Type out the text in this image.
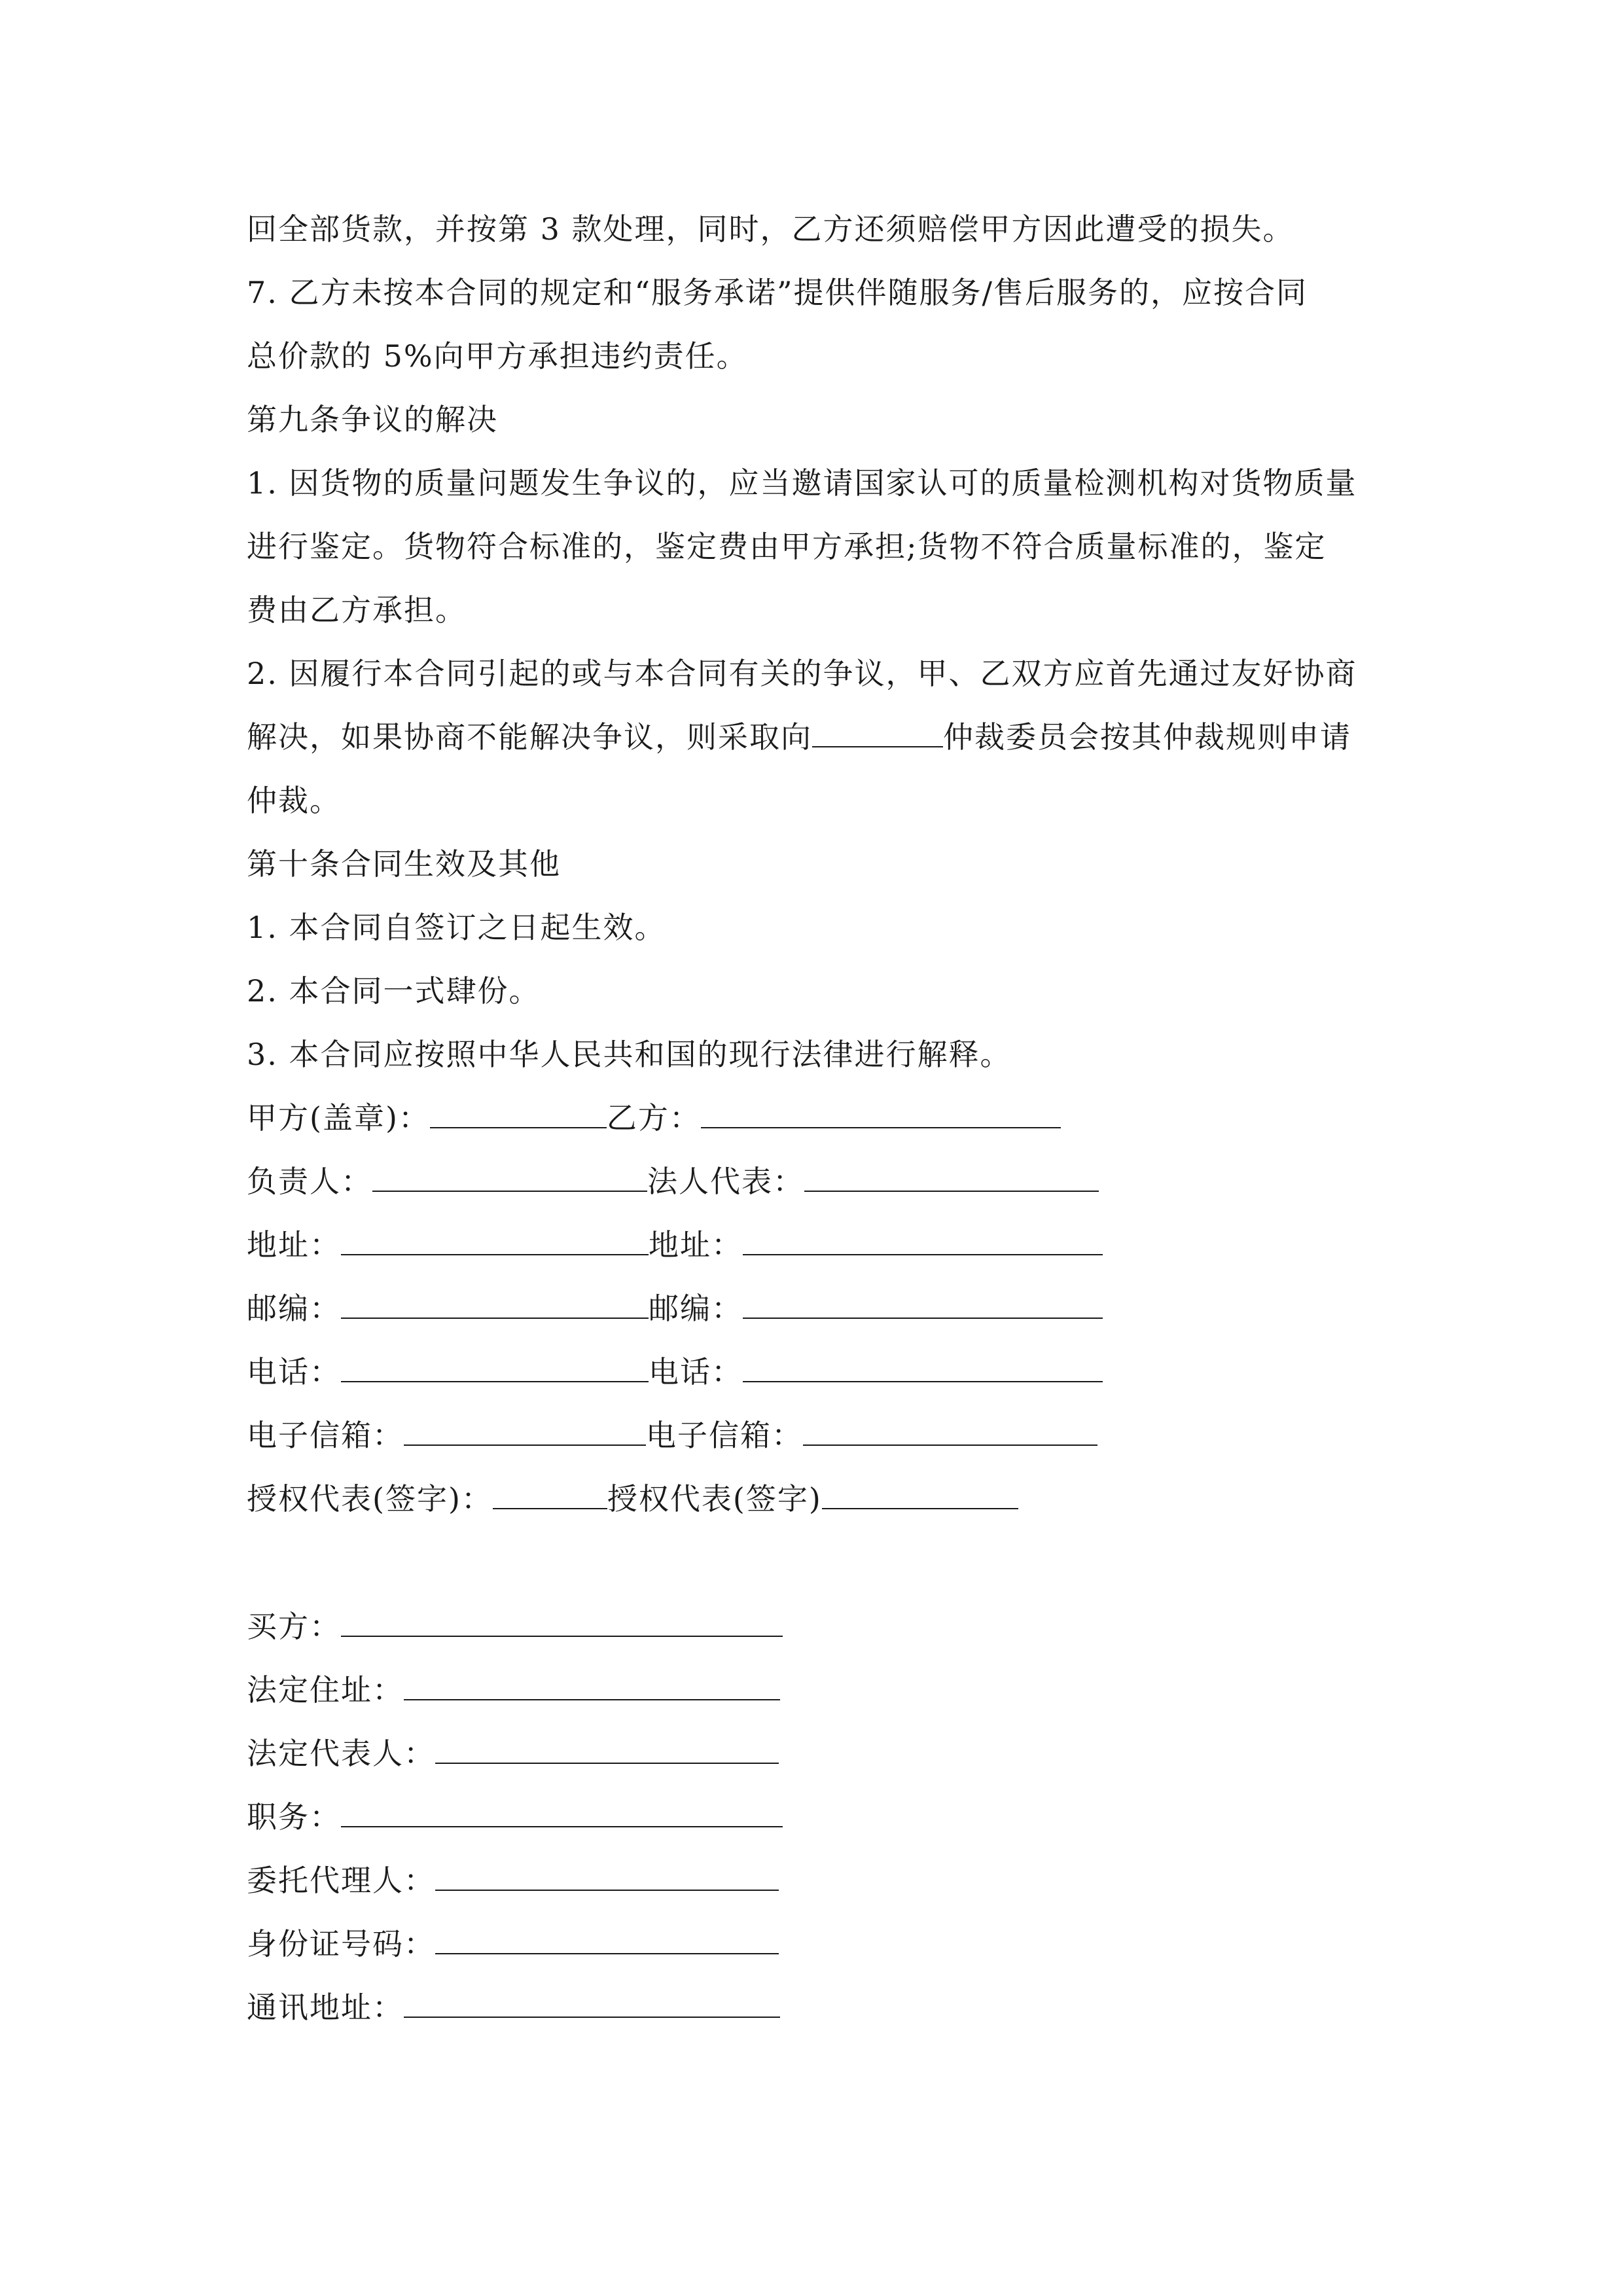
回全部货款，并按第 3 款处理，同时，乙方还须赔偿甲方因此遭受的损失。
7. 乙方未按本合同的规定和“服务承诺”提供伴随服务/售后服务的，应按合同
总价款的 5%向甲方承担违约责任。
第九条争议的解决
1. 因货物的质量问题发生争议的，应当邀请国家认可的质量检测机构对货物质量
进行鉴定。货物符合标准的，鉴定费由甲方承担;货物不符合质量标准的，鉴定
费由乙方承担。
2. 因履行本合同引起的或与本合同有关的争议，甲、乙双方应首先通过友好协商
解决，如果协商不能解决争议，则采取向	仲裁委员会按其仲裁规则申请
仲裁。
第十条合同生效及其他
1. 本合同自签订之日起生效。
2. 本合同一式肆份。
3. 本合同应按照中华人民共和国的现行法律进行解释。
甲方(盖章)：	乙方：
负责人：	法人代表：
地址：	地址：
邮编：	邮编：
电话：	电话：
电子信箱：	电子信箱：
授权代表(签字)：	授权代表(签字)
买方：
法定住址：
法定代表人：
职务：
委托代理人：
身份证号码：
通讯地址：
